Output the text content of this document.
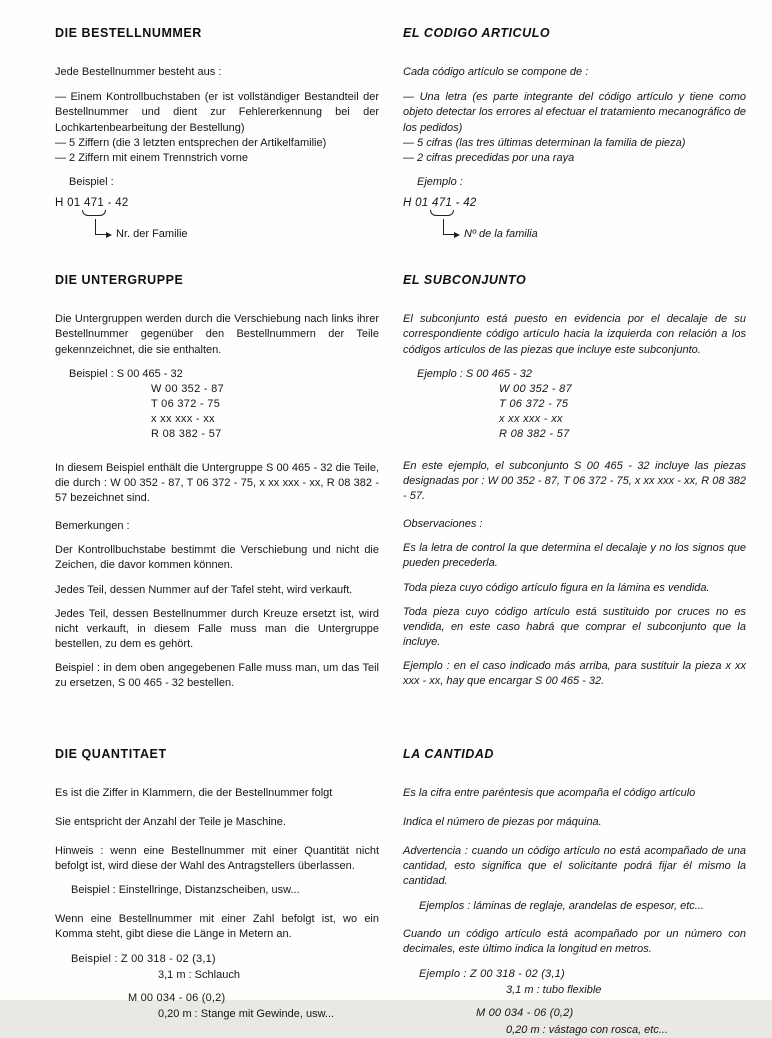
DIE BESTELLNUMMER

Jede Bestellnummer besteht aus :

— Einem Kontrollbuchstaben (er ist vollständiger Bestandteil der Bestellnummer und dient zur Fehlererkennung bei der Lochkartenbearbeitung der Bestellung)

— 5 Ziffern (die 3 letzten entsprechen der Artikelfamilie)

— 2 Ziffern mit einem Trennstrich vorne

Beispiel :

H 01 471 - 42
Nr. der Familie
EL CODIGO ARTICULO

Cada código artículo se compone de :

— Una letra (es parte integrante del código artículo y tiene como objeto detectar los errores al efectuar el tratamiento mecanográfico de los pedidos)

— 5 cifras (las tres últimas determinan la familia de pieza)

— 2 cifras precedidas por una raya

Ejemplo :

H 01 471 - 42
Nº de la familia
DIE UNTERGRUPPE

Die Untergruppen werden durch die Verschiebung nach links ihrer Bestellnummer gegenüber den Bestellnummern der Teile gekennzeichnet, die sie enthalten.

Beispiel : S 00 465 - 32

W 00 352 - 87

T 06 372 - 75

x xx xxx - xx

R 08 382 - 57

In diesem Beispiel enthält die Untergruppe S 00 465 - 32 die Teile, die durch : W 00 352 - 87, T 06 372 - 75, x xx xxx - xx, R 08 382 - 57 bezeichnet sind.

Bemerkungen :

Der Kontrollbuchstabe bestimmt die Verschiebung und nicht die Zeichen, die davor kommen können.

Jedes Teil, dessen Nummer auf der Tafel steht, wird verkauft.

Jedes Teil, dessen Bestellnummer durch Kreuze ersetzt ist, wird nicht verkauft, in diesem Falle muss man die Untergruppe bestellen, zu dem es gehört.

Beispiel : in dem oben angegebenen Falle muss man, um das Teil zu ersetzen, S 00 465 - 32 bestellen.

EL SUBCONJUNTO

El subconjunto está puesto en evidencia por el decalaje de su correspondiente código artículo hacia la izquierda con relación a los códigos artículos de las piezas que incluye este subconjunto.

Ejemplo : S 00 465 - 32

W 00 352 - 87

T 06 372 - 75

x xx xxx - xx

R 08 382 - 57

En este ejemplo, el subconjunto S 00 465 - 32 incluye las piezas designadas por : W 00 352 - 87, T 06 372 - 75, x xx xxx - xx, R 08 382 - 57.

Observaciones :

Es la letra de control la que determina el decalaje y no los signos que pueden precederla.

Toda pieza cuyo código artículo figura en la lámina es vendida.

Toda pieza cuyo código artículo está sustituido por cruces no es vendida, en este caso habrá que comprar el subconjunto que la incluye.

Ejemplo : en el caso indicado más arriba, para sustituir la pieza x xx xxx - xx, hay que encargar S 00 465 - 32.

DIE QUANTITAET

Es ist die Ziffer in Klammern, die der Bestellnummer folgt

Sie entspricht der Anzahl der Teile je Maschine.

Hinweis : wenn eine Bestellnummer mit einer Quantität nicht befolgt ist, wird diese der Wahl des Antragstellers überlassen.

Beispiel : Einstellringe, Distanzscheiben, usw...

Wenn eine Bestellnummer mit einer Zahl befolgt ist, wo ein Komma steht, gibt diese die Länge in Metern an.

Beispiel : Z 00 318 - 02 (3,1)

3,1 m : Schlauch

M 00 034 - 06 (0,2)

0,20 m : Stange mit Gewinde, usw...

LA CANTIDAD

Es la cifra entre paréntesis que acompaña el código artículo

Indica el número de piezas por máquina.

Advertencia : cuando un código artículo no está acompañado de una cantidad, esto significa que el solicitante podrá fijar él mismo la cantidad.

Ejemplos : láminas de reglaje, arandelas de espesor, etc...

Cuando un código artículo está acompañado por un número con decimales, este último indica la longitud en metros.

Ejemplo : Z 00 318 - 02 (3,1)

3,1 m : tubo flexible

M 00 034 - 06 (0,2)

0,20 m : vástago con rosca, etc...
